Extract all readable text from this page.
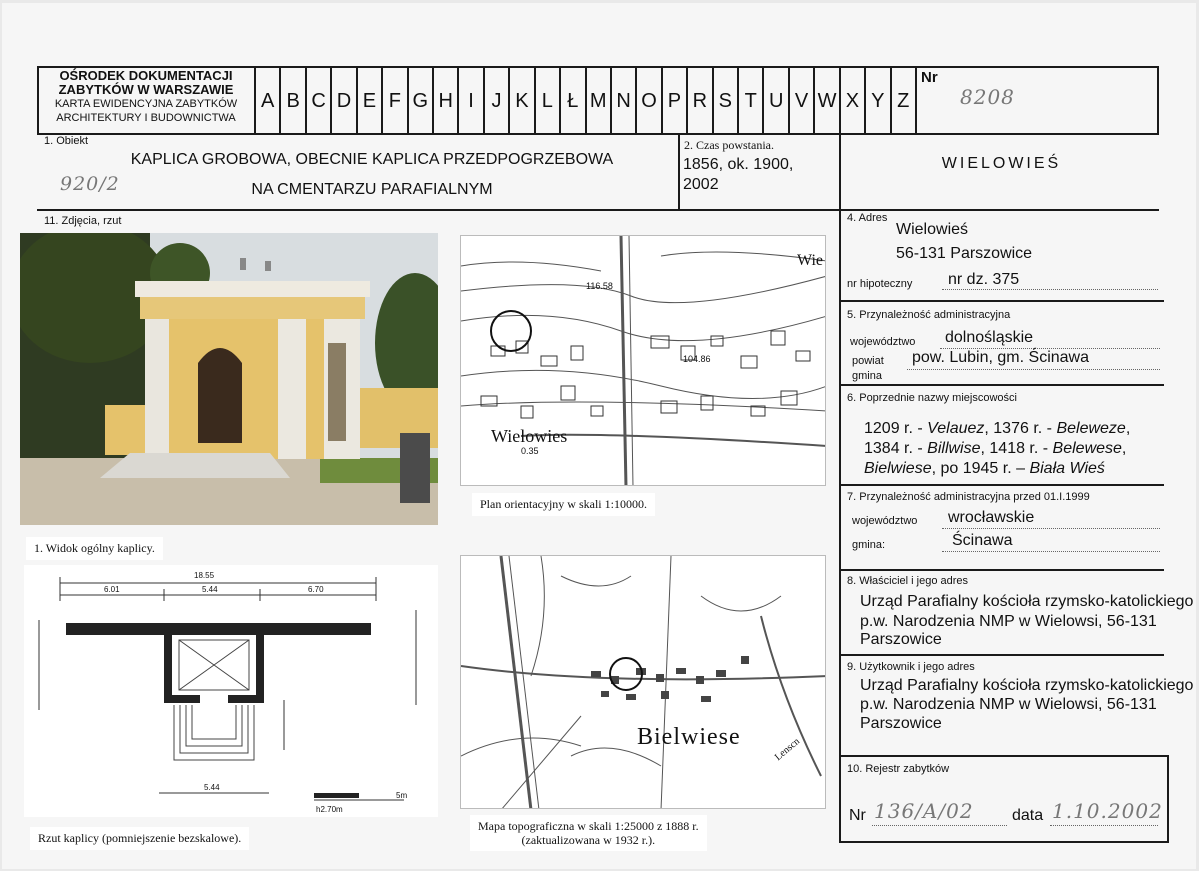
OŚRODEK DOKUMENTACJI
ZABYTKÓW W WARSZAWIE
KARTA EWIDENCYJNA ZABYTKÓW
ARCHITEKTURY I BUDOWNICTWA
A B C D E F G H I J K L Ł M N O P R S T U V W X Y Z
Nr
8208
1. Obiekt
KAPLICA GROBOWA, OBECNIE KAPLICA PRZEDPOGRZEBOWA
NA CMENTARZU PARAFIALNYM
920/2
2. Czas powstania.
1856, ok. 1900,
2002
WIELOWIEŚ
11. Zdjęcia, rzut
1. Widok ogólny kaplicy.
Wielowies
Wie
116.58
104.86
0.35
Plan orientacyjny w skali 1:10000.
18.55
6.01	5.44	6.70
5.44
5m
h2.70m
Rzut kaplicy (pomniejszenie bezskalowe).
Bielwiese	Lenscn
Mapa topograficzna w skali 1:25000 z 1888 r.
(zaktualizowana w 1932 r.).
4. Adres
Wielowieś
56-131 Parszowice
nr hipoteczny nr dz. 375
5. Przynależność administracyjna
województwo dolnośląskie
powiat
gmina
pow. Lubin, gm. Ścinawa
6. Poprzednie nazwy miejscowości
1209 r. - Velauez, 1376 r. - Beleweze,
1384 r. - Billwise, 1418 r. - Belewese,
Bielwiese, po 1945 r. – Biała Wieś
7. Przynależność administracyjna przed 01.I.1999
województwo wrocławskie
gmina:	Ścinawa
8. Właściciel i jego adres
Urząd Parafialny kościoła rzymsko-katolickiego
p.w. Narodzenia NMP w Wielowsi, 56-131
Parszowice
9. Użytkownik i jego adres
Urząd Parafialny kościoła rzymsko-katolickiego
p.w. Narodzenia NMP w Wielowsi, 56-131
Parszowice
10. Rejestr zabytków
Nr 136/A/02 data 1.10.2002
